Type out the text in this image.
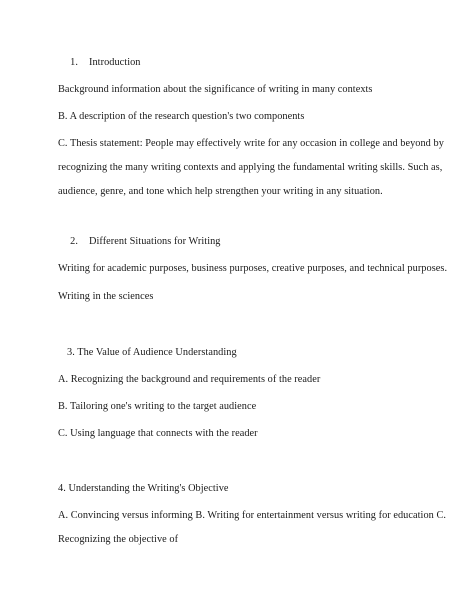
1. Introduction
Background information about the significance of writing in many contexts
B. A description of the research question's two components
C. Thesis statement: People may effectively write for any occasion in college and beyond by
recognizing the many writing contexts and applying the fundamental writing skills. Such as,
audience, genre, and tone which help strengthen your writing in any situation.
2. Different Situations for Writing
Writing for academic purposes, business purposes, creative purposes, and technical purposes.
Writing in the sciences
3. The Value of Audience Understanding
A. Recognizing the background and requirements of the reader
B. Tailoring one's writing to the target audience
C. Using language that connects with the reader
4. Understanding the Writing's Objective
A. Convincing versus informing B. Writing for entertainment versus writing for education C.
Recognizing the objective of
